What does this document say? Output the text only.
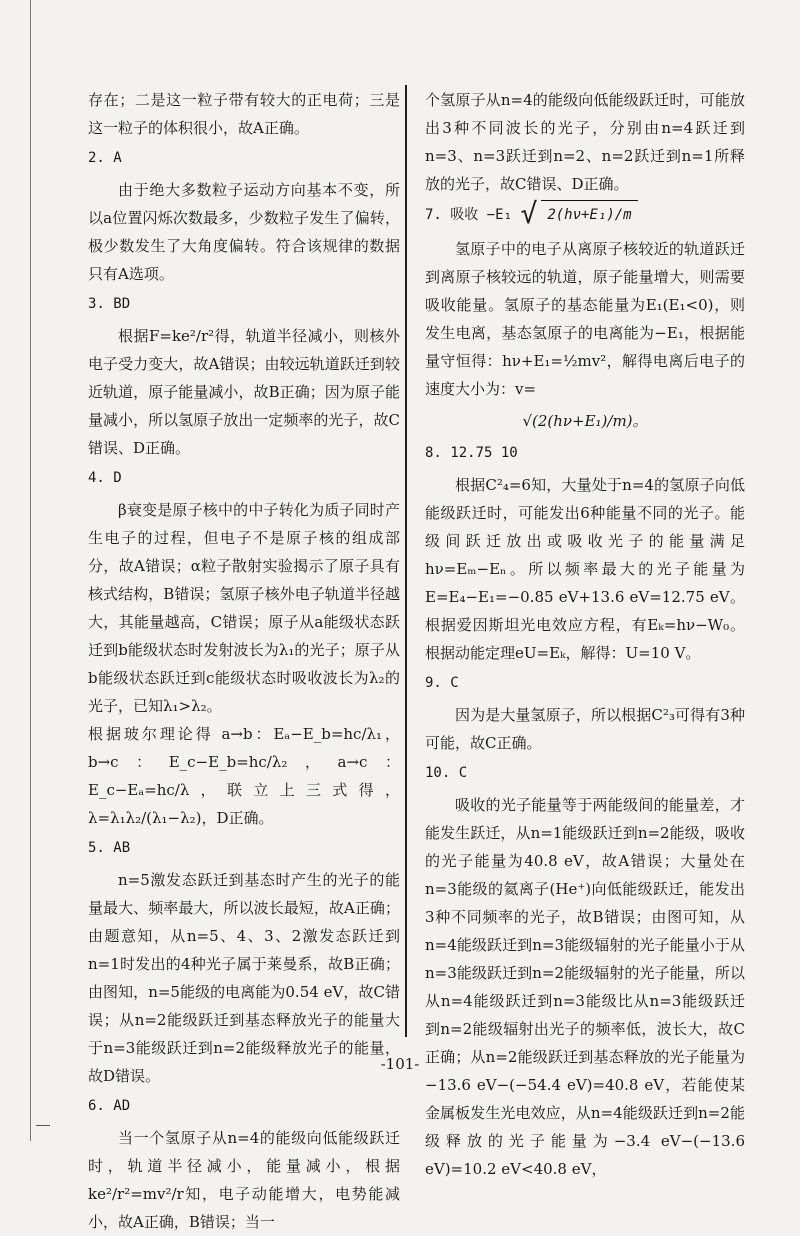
存在；二是这一粒子带有较大的正电荷；三是这一粒子的体积很小，故A正确。

2. A

由于绝大多数粒子运动方向基本不变，所以a位置闪烁次数最多，少数粒子发生了偏转，极少数发生了大角度偏转。符合该规律的数据只有A选项。

3. BD

根据F=ke²/r²得，轨道半径减小，则核外电子受力变大，故A错误；由较远轨道跃迁到较近轨道，原子能量减小，故B正确；因为原子能量减小，所以氢原子放出一定频率的光子，故C错误、D正确。

4. D

β衰变是原子核中的中子转化为质子同时产生电子的过程，但电子不是原子核的组成部分，故A错误；α粒子散射实验揭示了原子具有核式结构，B错误；氢原子核外电子轨道半径越大，其能量越高，C错误；原子从a能级状态跃迁到b能级状态时发射波长为λ₁的光子；原子从b能级状态跃迁到c能级状态时吸收波长为λ₂的光子，已知λ₁>λ₂。

根据玻尔理论得 a→b：Eₐ−E_b=hc/λ₁，b→c：E_c−E_b=hc/λ₂，a→c：E_c−Eₐ=hc/λ，联立上三式得，λ=λ₁λ₂/(λ₁−λ₂)，D正确。

5. AB

n=5激发态跃迁到基态时产生的光子的能量最大、频率最大，所以波长最短，故A正确；由题意知，从n=5、4、3、2激发态跃迁到n=1时发出的4种光子属于莱曼系，故B正确；由图知，n=5能级的电离能为0.54 eV，故C错误；从n=2能级跃迁到基态释放光子的能量大于n=3能级跃迁到n=2能级释放光子的能量，故D错误。

6. AD

当一个氢原子从n=4的能级向低能级跃迁时，轨道半径减小，能量减小，根据ke²/r²=mv²/r知，电子动能增大，电势能减小，故A正确，B错误；当一

个氢原子从n=4的能级向低能级跃迁时，可能放出3种不同波长的光子，分别由n=4跃迁到n=3、n=3跃迁到n=2、n=2跃迁到n=1所释放的光子，故C错误、D正确。

7. 吸收 −E₁ √ 2(hν+E₁)/m

氢原子中的电子从离原子核较近的轨道跃迁到离原子核较远的轨道，原子能量增大，则需要吸收能量。氢原子的基态能量为E₁(E₁<0)，则发生电离，基态氢原子的电离能为−E₁，根据能量守恒得：hν+E₁=½mv²，解得电离后电子的速度大小为：v=

√(2(hν+E₁)/m)。

8. 12.75 10

根据C²₄=6知，大量处于n=4的氢原子向低能级跃迁时，可能发出6种能量不同的光子。能级间跃迁放出或吸收光子的能量满足hν=Eₘ−Eₙ。所以频率最大的光子能量为E=E₄−E₁=−0.85 eV+13.6 eV=12.75 eV。根据爱因斯坦光电效应方程，有Eₖ=hν−W₀。根据动能定理eU=Eₖ，解得：U=10 V。

9. C

因为是大量氢原子，所以根据C²₃可得有3种可能，故C正确。

10. C

吸收的光子能量等于两能级间的能量差，才能发生跃迁，从n=1能级跃迁到n=2能级，吸收的光子能量为40.8 eV，故A错误；大量处在n=3能级的氦离子(He⁺)向低能级跃迁，能发出3种不同频率的光子，故B错误；由图可知，从n=4能级跃迁到n=3能级辐射的光子能量小于从n=3能级跃迁到n=2能级辐射的光子能量，所以从n=4能级跃迁到n=3能级比从n=3能级跃迁到n=2能级辐射出光子的频率低，波长大，故C正确；从n=2能级跃迁到基态释放的光子能量为−13.6 eV−(−54.4 eV)=40.8 eV，若能使某金属板发生光电效应，从n=4能级跃迁到n=2能级释放的光子能量为−3.4 eV−(−13.6 eV)=10.2 eV<40.8 eV，

-101-
